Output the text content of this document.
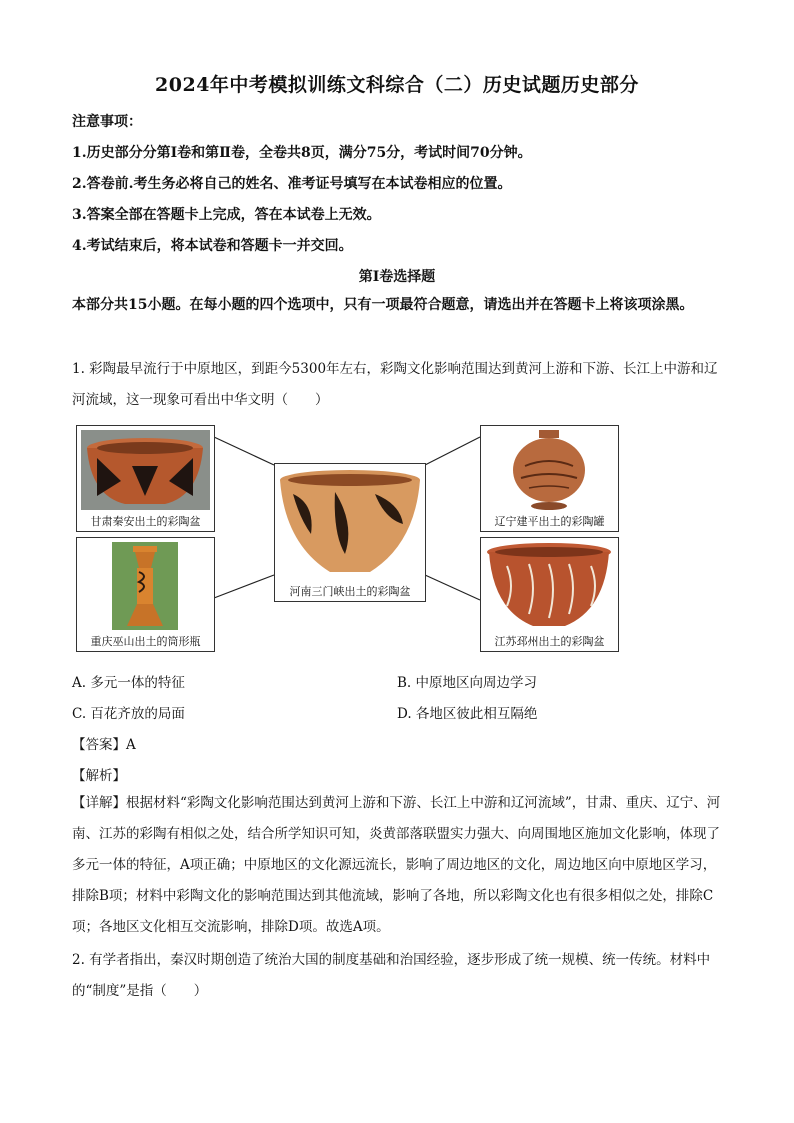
2024年中考模拟训练文科综合（二）历史试题历史部分
注意事项：
1.历史部分分第Ⅰ卷和第Ⅱ卷，全卷共8页，满分75分，考试时间70分钟。
2.答卷前.考生务必将自己的姓名、准考证号填写在本试卷相应的位置。
3.答案全部在答题卡上完成，答在本试卷上无效。
4.考试结束后，将本试卷和答题卡一并交回。
第Ⅰ卷选择题
本部分共15小题。在每小题的四个选项中，只有一项最符合题意，请选出并在答题卡上将该项涂黑。
1. 彩陶最早流行于中原地区，到距今5300年左右，彩陶文化影响范围达到黄河上游和下游、长江上中游和辽河流域，这一现象可看出中华文明（　　）
甘肃秦安出土的彩陶盆
重庆巫山出土的筒形瓶
河南三门峡出土的彩陶盆
辽宁建平出土的彩陶罐
江苏邳州出土的彩陶盆
A. 多元一体的特征	B. 中原地区向周边学习
C. 百花齐放的局面	D. 各地区彼此相互隔绝
【答案】A
【解析】
【详解】根据材料“彩陶文化影响范围达到黄河上游和下游、长江上中游和辽河流域”，甘肃、重庆、辽宁、河南、江苏的彩陶有相似之处，结合所学知识可知，炎黄部落联盟实力强大、向周围地区施加文化影响，体现了多元一体的特征，A项正确；中原地区的文化源远流长，影响了周边地区的文化，周边地区向中原地区学习，排除B项；材料中彩陶文化的影响范围达到其他流域，影响了各地，所以彩陶文化也有很多相似之处，排除C项；各地区文化相互交流影响，排除D项。故选A项。
2. 有学者指出，秦汉时期创造了统治大国的制度基础和治国经验，逐步形成了统一规模、统一传统。材料中的“制度”是指（　　）
